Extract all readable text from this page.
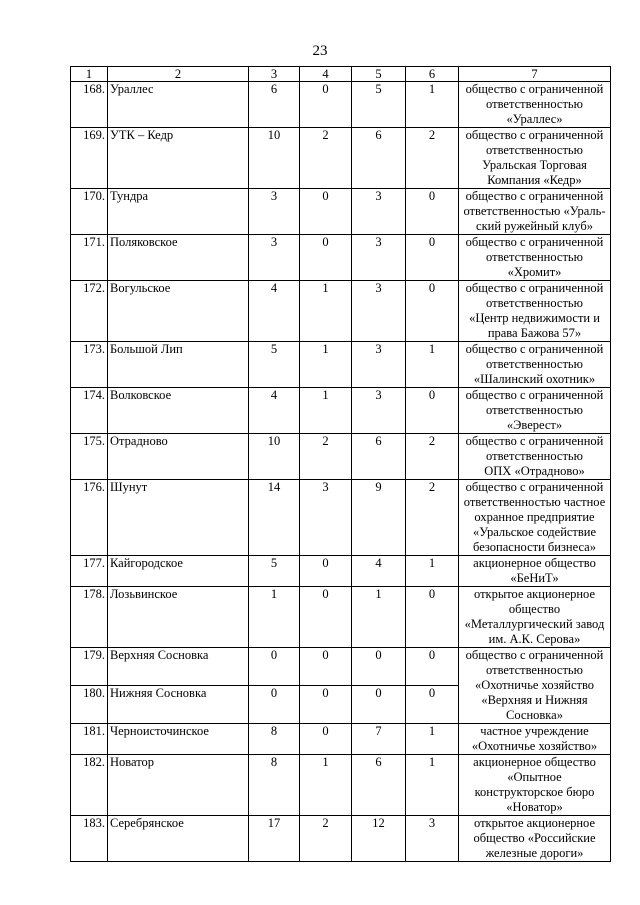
23
1	2	3	4	5	6	7
168.	Ураллес	6	0	5	1	общество с ограниченной
ответственностью
«Ураллес»

169.	УТК – Кедр	10	2	6	2	общество с ограниченной
ответственностью
Уральская Торговая
Компания «Кедр»

170.	Тундра	3	0	3	0	общество с ограниченной
ответственностью «Ураль-
ский ружейный клуб»

171.	Поляковское	3	0	3	0	общество с ограниченной
ответственностью
«Хромит»

172.	Вогульское	4	1	3	0	общество с ограниченной
ответственностью
«Центр недвижимости и
права Бажова 57»

173.	Большой Лип	5	1	3	1	общество с ограниченной
ответственностью
«Шалинский охотник»

174.	Волковское	4	1	3	0	общество с ограниченной
ответственностью
«Эверест»

175.	Отрадново	10	2	6	2	общество с ограниченной
ответственностью
ОПХ «Отрадново»

176.	Шунут	14	3	9	2	общество с ограниченной
ответственностью частное
охранное предприятие
«Уральское содействие
безопасности бизнеса»

177.	Кайгородское	5	0	4	1	акционерное общество
«БеНиТ»

178.	Лозьвинское	1	0	1	0	открытое акционерное
общество
«Металлургический завод
им. А.К. Серова»

179.	Верхняя Сосновка	0	0	0	0	общество с ограниченной
ответственностью
«Охотничье хозяйство
«Верхняя и Нижняя
Сосновка»

180.	Нижняя Сосновка	0	0	0	0	
181.	Черноисточинское	8	0	7	1	частное учреждение
«Охотничье хозяйство»

182.	Новатор	8	1	6	1	акционерное общество
«Опытное
конструкторское бюро
«Новатор»

183.	Серебрянское	17	2	12	3	открытое акционерное
общество «Российские
железные дороги»
